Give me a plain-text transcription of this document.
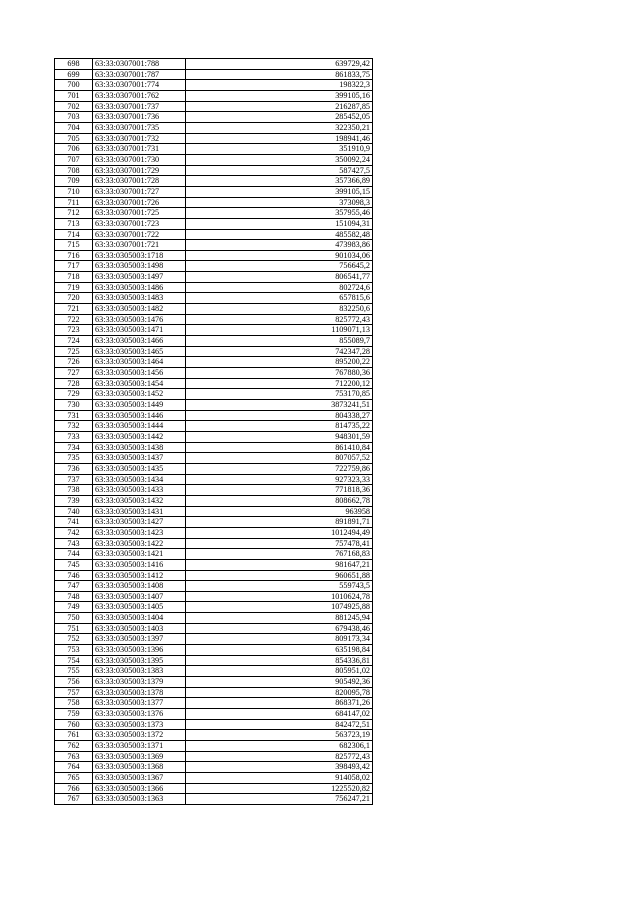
698	63:33:0307001:788	639729,42
699	63:33:0307001:787	861833,75
700	63:33:0307001:774	198322,3
701	63:33:0307001:762	399105,16
702	63:33:0307001:737	216287,85
703	63:33:0307001:736	285452,05
704	63:33:0307001:735	322350,21
705	63:33:0307001:732	198941,46
706	63:33:0307001:731	351910,9
707	63:33:0307001:730	350092,24
708	63:33:0307001:729	587427,5
709	63:33:0307001:728	357366,89
710	63:33:0307001:727	399105,15
711	63:33:0307001:726	373098,3
712	63:33:0307001:725	357955,46
713	63:33:0307001:723	151094,31
714	63:33:0307001:722	485582,48
715	63:33:0307001:721	473983,86
716	63:33:0305003:1718	901034,06
717	63:33:0305003:1498	756645,2
718	63:33:0305003:1497	806541,77
719	63:33:0305003:1486	802724,6
720	63:33:0305003:1483	657815,6
721	63:33:0305003:1482	832250,6
722	63:33:0305003:1476	825772,43
723	63:33:0305003:1471	1109071,13
724	63:33:0305003:1466	855089,7
725	63:33:0305003:1465	742347,28
726	63:33:0305003:1464	895200,22
727	63:33:0305003:1456	767880,36
728	63:33:0305003:1454	712200,12
729	63:33:0305003:1452	753170,85
730	63:33:0305003:1449	3873241,51
731	63:33:0305003:1446	804338,27
732	63:33:0305003:1444	814735,22
733	63:33:0305003:1442	948301,59
734	63:33:0305003:1438	861410,84
735	63:33:0305003:1437	807057,52
736	63:33:0305003:1435	722759,86
737	63:33:0305003:1434	927323,33
738	63:33:0305003:1433	771818,36
739	63:33:0305003:1432	808662,78
740	63:33:0305003:1431	963958
741	63:33:0305003:1427	891891,71
742	63:33:0305003:1423	1012494,49
743	63:33:0305003:1422	757478,41
744	63:33:0305003:1421	767168,83
745	63:33:0305003:1416	981647,21
746	63:33:0305003:1412	960651,88
747	63:33:0305003:1408	559743,5
748	63:33:0305003:1407	1010624,78
749	63:33:0305003:1405	1074925,88
750	63:33:0305003:1404	881245,94
751	63:33:0305003:1403	679438,46
752	63:33:0305003:1397	809173,34
753	63:33:0305003:1396	635198,84
754	63:33:0305003:1395	854336,81
755	63:33:0305003:1383	805951,02
756	63:33:0305003:1379	905492,36
757	63:33:0305003:1378	820095,78
758	63:33:0305003:1377	868371,26
759	63:33:0305003:1376	684147,02
760	63:33:0305003:1373	842472,51
761	63:33:0305003:1372	563723,19
762	63:33:0305003:1371	682306,1
763	63:33:0305003:1369	825772,43
764	63:33:0305003:1368	398493,42
765	63:33:0305003:1367	914058,02
766	63:33:0305003:1366	1225520,82
767	63:33:0305003:1363	756247,21
